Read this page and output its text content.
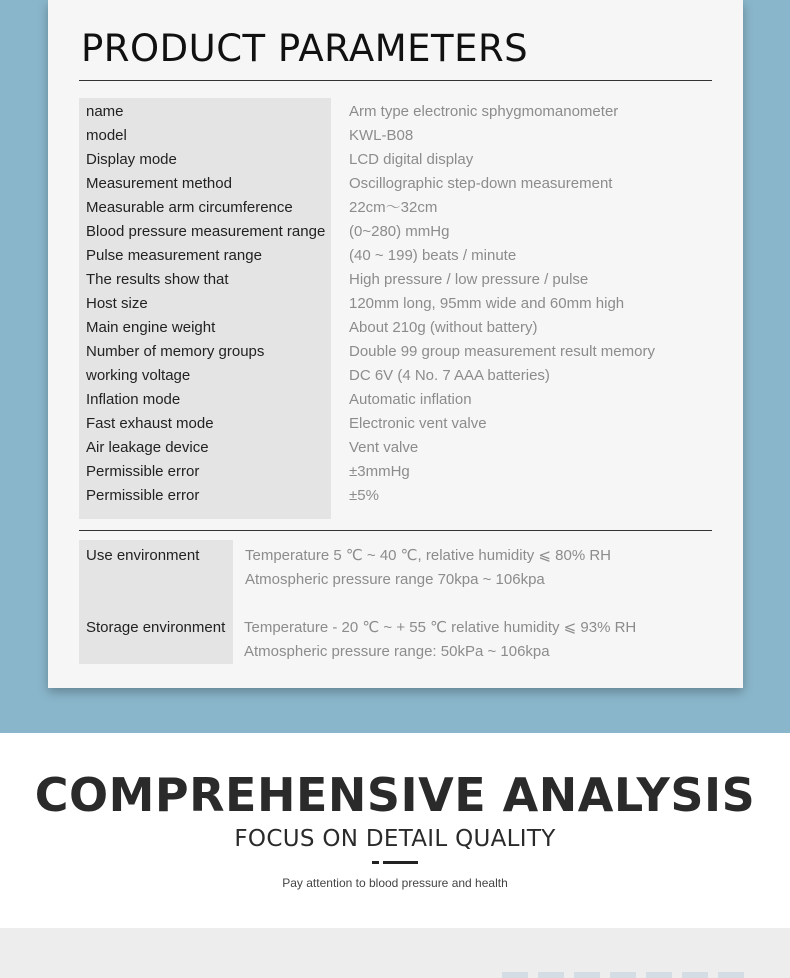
PRODUCT PARAMETERS
name	Arm type electronic sphygmomanometer
model	KWL-B08
Display mode	LCD digital display
Measurement method	Oscillographic step-down measurement
Measurable arm circumference	22cm～32cm
Blood pressure measurement range (0~280) mmHg
Pulse measurement range	(40 ~ 199) beats / minute
The results show that	High pressure / low pressure / pulse
Host size	120mm long, 95mm wide and 60mm high
Main engine weight	About 210g (without battery)
Number of memory groups	Double 99 group measurement result memory
working voltage	DC 6V (4 No. 7 AAA batteries)
Inflation mode	Automatic inflation
Fast exhaust mode	Electronic vent valve
Air leakage device	Vent valve
Permissible error	±3mmHg
Permissible error	±5%
Use environment	Temperature 5 ℃ ~ 40 ℃, relative humidity ⩽ 80% RH
Atmospheric pressure range 70kpa ~ 106kpa
Storage environment Temperature - 20 ℃ ~ + 55 ℃ relative humidity ⩽ 93% RH
Atmospheric pressure range: 50kPa ~ 106kpa
COMPREHENSIVE ANALYSIS
FOCUS ON DETAIL QUALITY
Pay attention to blood pressure and health
